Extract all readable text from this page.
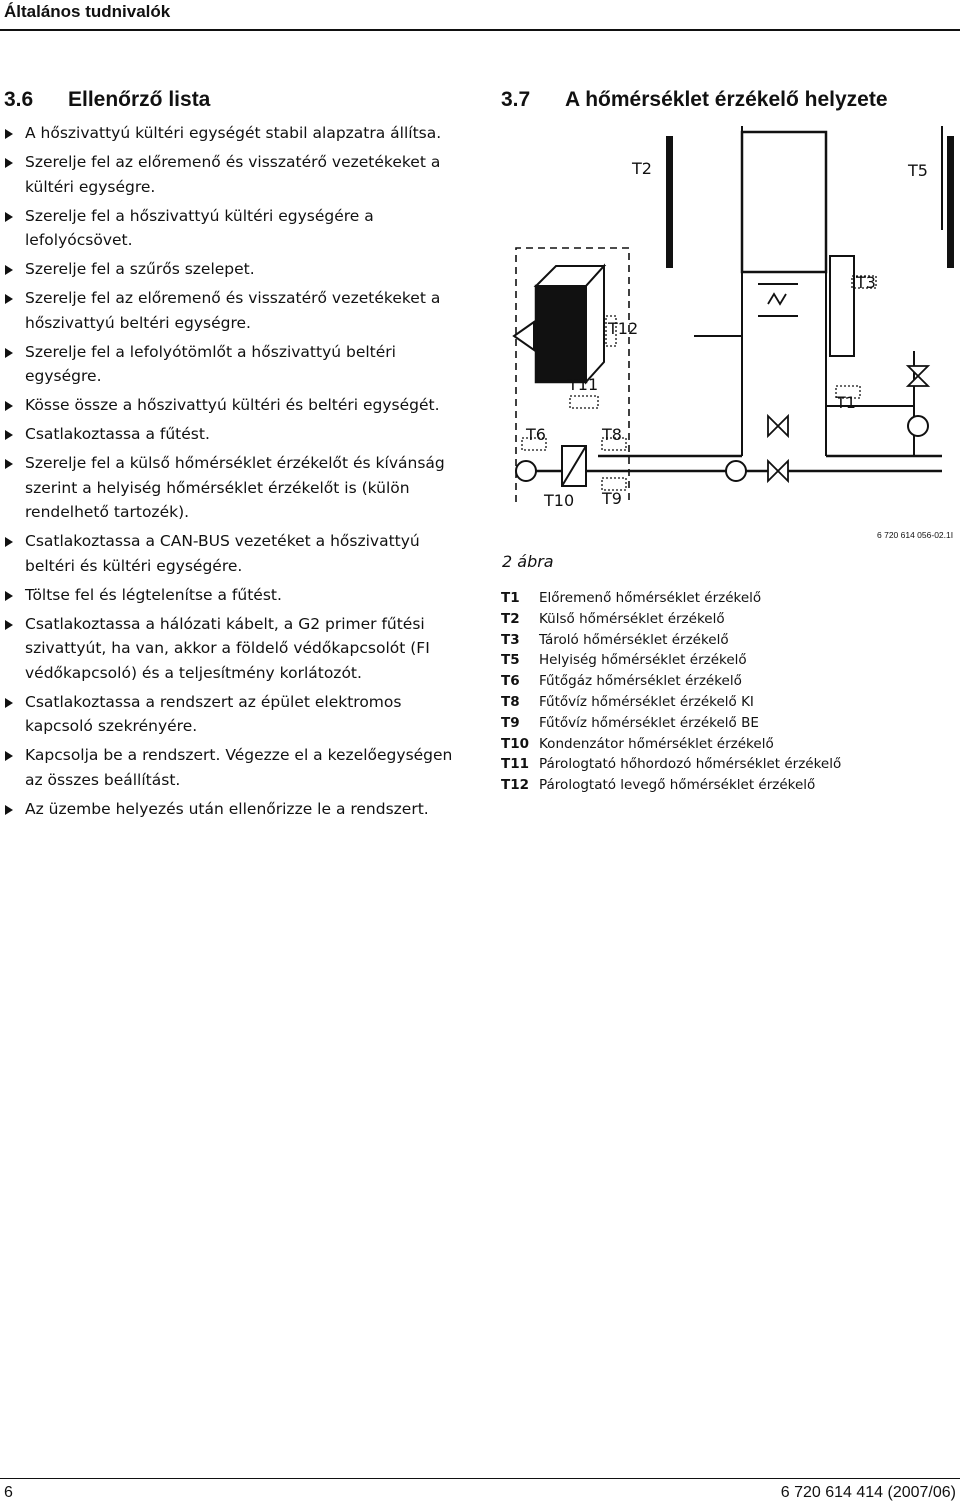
Általános tudnivalók
3.6 Ellenőrző lista
A hőszivattyú kültéri egységét stabil alapzatra állítsa.
Szerelje fel az előremenő és visszatérő vezetékeket a kültéri egységre.
Szerelje fel a hőszivattyú kültéri egységére a lefolyócsövet.
Szerelje fel a szűrős szelepet.
Szerelje fel az előremenő és visszatérő vezetékeket a hőszivattyú beltéri egységre.
Szerelje fel a lefolyótömlőt a hőszivattyú beltéri egységre.
Kösse össze a hőszivattyú kültéri és beltéri egységét.
Csatlakoztassa a fűtést.
Szerelje fel a külső hőmérséklet érzékelőt és kívánság szerint a helyiség hőmérséklet érzékelőt is (külön rendelhető tartozék).
Csatlakoztassa a CAN-BUS vezetéket a hőszivattyú beltéri és kültéri egységére.
Töltse fel és légtelenítse a fűtést.
Csatlakoztassa a hálózati kábelt, a G2 primer fűtési szivattyút, ha van, akkor a földelő védőkapcsolót (FI védőkapcsoló) és a teljesítmény korlátozót.
Csatlakoztassa a rendszert az épület elektromos kapcsoló szekrényére.
Kapcsolja be a rendszert. Végezze el a kezelőegységen az összes beállítást.
Az üzembe helyezés után ellenőrizze le a rendszert.
3.7 A hőmérséklet érzékelő helyzete
T2	T5
T3
T12
T11
T1
T6	T8
T10 T9
6 720 614 056-02.1I
2 ábra
T1 Előremenő hőmérséklet érzékelő
T2 Külső hőmérséklet érzékelő
T3 Tároló hőmérséklet érzékelő
T5 Helyiség hőmérséklet érzékelő
T6 Fűtőgáz hőmérséklet érzékelő
T8 Fűtővíz hőmérséklet érzékelő KI
T9 Fűtővíz hőmérséklet érzékelő BE
T10 Kondenzátor hőmérséklet érzékelő
T11 Párologtató hőhordozó hőmérséklet érzékelő
T12 Párologtató levegő hőmérséklet érzékelő
6	6 720 614 414 (2007/06)
